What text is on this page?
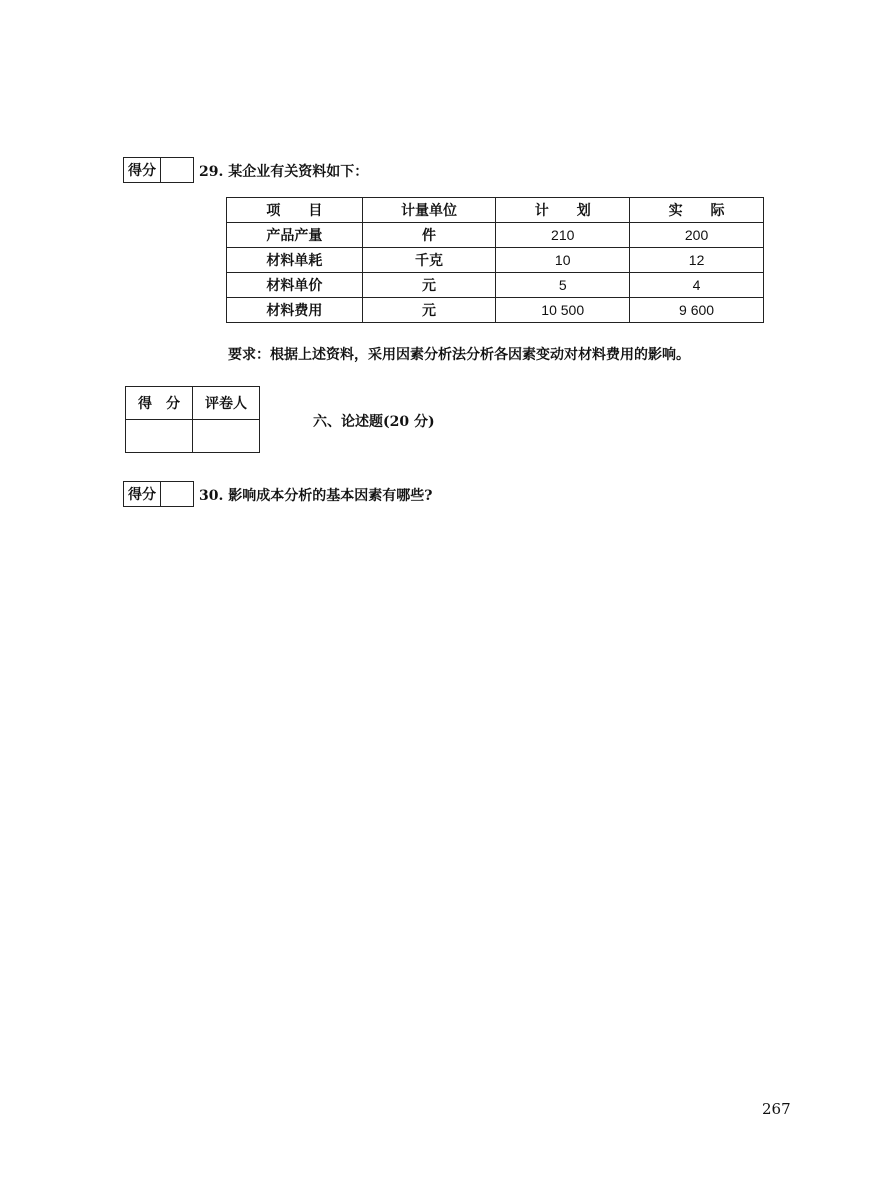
得分	29. 某企业有关资料如下：
项　　目	计量单位	计　　划	实　　际
产品产量	件	210	200
材料单耗	千克	10	12
材料单价	元	5	4
材料费用	元	10 500	9 600
要求：根据上述资料，采用因素分析法分析各因素变动对材料费用的影响。
得　分	评卷人

六、论述题(20 分)
得分	30. 影响成本分析的基本因素有哪些?
267
